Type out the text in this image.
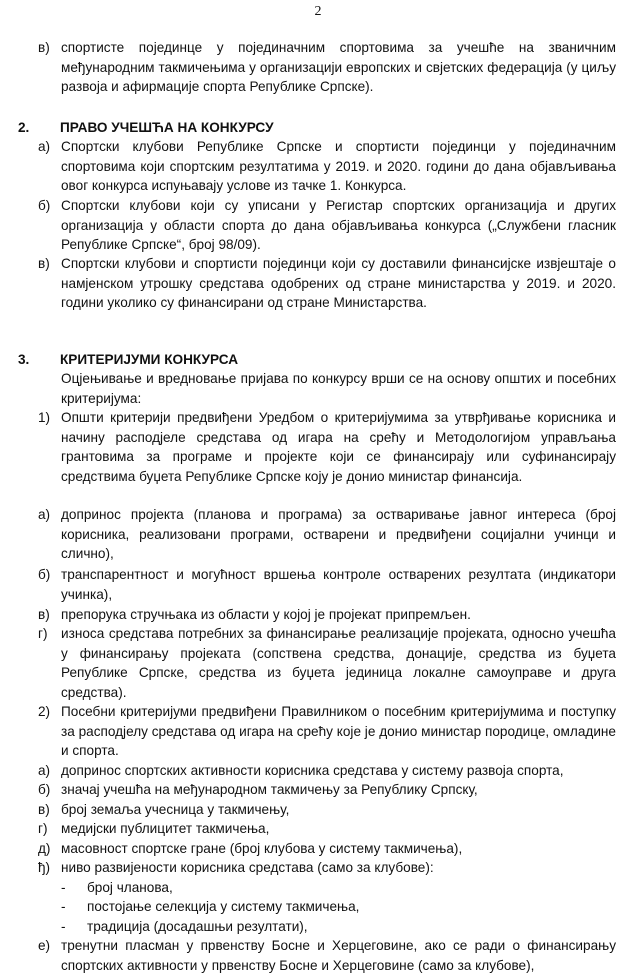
2
в) спортисте појединце у појединачним спортовима за учешће на званичним међународним такмичењима у организацији европских и свјетских федерација (у циљу развоја и афирмације спорта Републике Српске).
2. ПРАВО УЧЕШЋА НА КОНКУРСУ
а) Спортски клубови Републике Српске и спортисти појединци у појединачним спортовима који спортским резултатима у 2019. и 2020. години до дана објављивања овог конкурса испуњавају услове из тачке 1. Конкурса.
б) Спортски клубови који су уписани у Регистар спортских организација и других организација у области спорта до дана објављивања конкурса („Службени гласник Републике Српске“, број 98/09).
в) Спортски клубови и спортисти појединци који су доставили финансијске извјештаје о намјенском утрошку средстава одобрених од стране министарства у 2019. и 2020. години уколико су финансирани од стране Министарства.
3. КРИТЕРИЈУМИ КОНКУРСА
Оцјењивање и вредновање пријава по конкурсу врши се на основу општих и посебних критеријума:
1) Општи критерији предвиђени Уредбом о критеријумима за утврђивање корисника и начину расподјеле средстава од игара на срећу и Методологијом управљања грантовима за програме и пројекте који се финансирају или суфинансирају средствима буџета Републике Српске коју је донио министар финансија.
а) допринос пројекта (планова и програма) за остваривање јавног интереса (број корисника, реализовани програми, остварени и предвиђени социјални учинци и слично),
б) транспарентност и могућност вршења контроле остварених резултата (индикатори учинка),
в) препорука стручњака из области у којој је пројекат припремљен.
г) износа средстава потребних за финансирање реализације пројеката, односно учешћа у финансирању пројеката (сопствена средства, донације, средства из буџета Републике Српске, средства из буџета јединица локалне самоуправе и друга средства).
2) Посебни критеријуми предвиђени Правилником о посебним критеријумима и поступку за расподјелу средстава од игара на срећу које је донио министар породице, омладине и спорта.
а) допринос спортских активности корисника средстава у систему развоја спорта,
б) значај учешћа на међународном такмичењу за Републику Српску,
в) број земаља учесница у такмичењу,
г) медијски публицитет такмичења,
д) масовност спортске гране (број клубова у систему такмичења),
ђ) ниво развијености корисника средстава (само за клубове):
- број чланова,
- постојање селекција у систему такмичења,
- традиција (досадашњи резултати),
е) тренутни пласман у првенству Босне и Херцеговине, ако се ради о финансирању спортских активности у првенству Босне и Херцеговине (само за клубове),
